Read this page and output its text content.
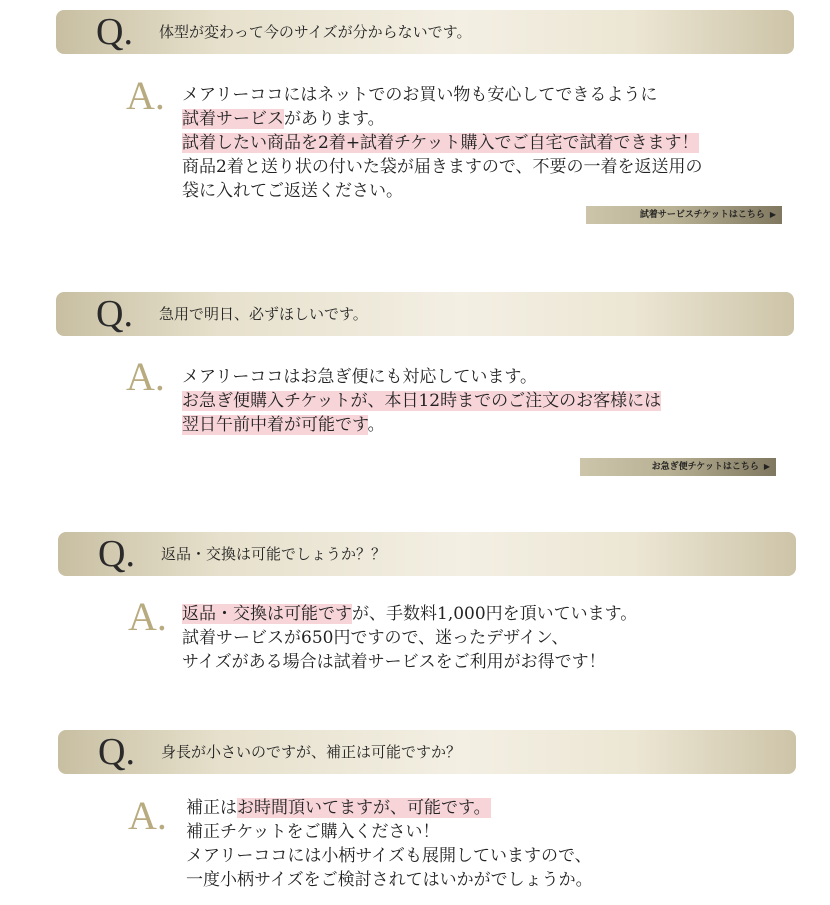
Q. 体型が変わって今のサイズが分からないです。
A. メアリーココにはネットでのお買い物も安心してできるように
試着サービスがあります。
試着したい商品を2着+試着チケット購入でご自宅で試着できます！
商品2着と送り状の付いた袋が届きますので、不要の一着を返送用の
袋に入れてご返送ください。
試着サービスチケットはこちら ▶
Q. 急用で明日、必ずほしいです。
A. メアリーココはお急ぎ便にも対応しています。
お急ぎ便購入チケットが、本日12時までのご注文のお客様には
翌日午前中着が可能です。
お急ぎ便チケットはこちら ▶
Q. 返品・交換は可能でしょうか？？
A. 返品・交換は可能ですが、手数料1,000円を頂いています。
試着サービスが650円ですので、迷ったデザイン、
サイズがある場合は試着サービスをご利用がお得です！
Q. 身長が小さいのですが、補正は可能ですか？
A. 補正はお時間頂いてますが、可能です。
補正チケットをご購入ください！
メアリーココには小柄サイズも展開していますので、
一度小柄サイズをご検討されてはいかがでしょうか。
